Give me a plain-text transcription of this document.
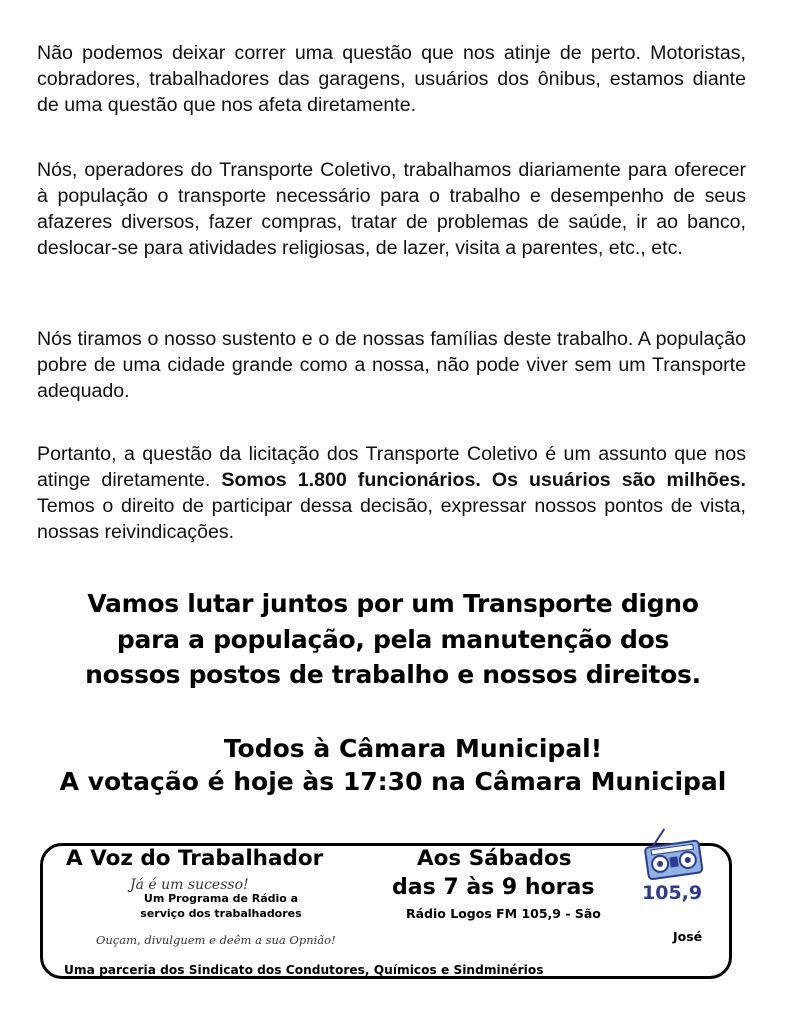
Não podemos deixar correr uma questão que nos atinje de perto. Motoristas, cobradores, trabalhadores das garagens, usuários dos ônibus, estamos diante de uma questão que nos afeta diretamente.

Nós, operadores do Transporte Coletivo, trabalhamos diariamente para oferecer à população o transporte necessário para o trabalho e desempenho de seus afazeres diversos, fazer compras, tratar de problemas de saúde, ir ao banco, deslocar-se para atividades religiosas, de lazer, visita a parentes, etc., etc.

Nós tiramos o nosso sustento e o de nossas famílias deste trabalho. A população pobre de uma cidade grande como a nossa, não pode viver sem um Transporte adequado.

Portanto, a questão da licitação dos Transporte Coletivo é um assunto que nos atinge diretamente. Somos 1.800 funcionários. Os usuários são milhões. Temos o direito de participar dessa decisão, expressar nossos pontos de vista, nossas reivindicações.

Vamos lutar juntos por um Transporte digno
para a população, pela manutenção dos
nossos postos de trabalho e nossos direitos.
Todos à Câmara Municipal!
A votação é hoje às 17:30 na Câmara Municipal
A Voz do Trabalhador
Já é um sucesso!
Um Programa de Rádio a
serviço dos trabalhadores
Ouçam, divulguem e deêm a sua Opnião!
Aos Sábados
das 7 às 9 horas
Rádio Logos FM 105,9 - São
José
Uma parceria dos Sindicato dos Condutores, Químicos e Sindminérios
105,9
